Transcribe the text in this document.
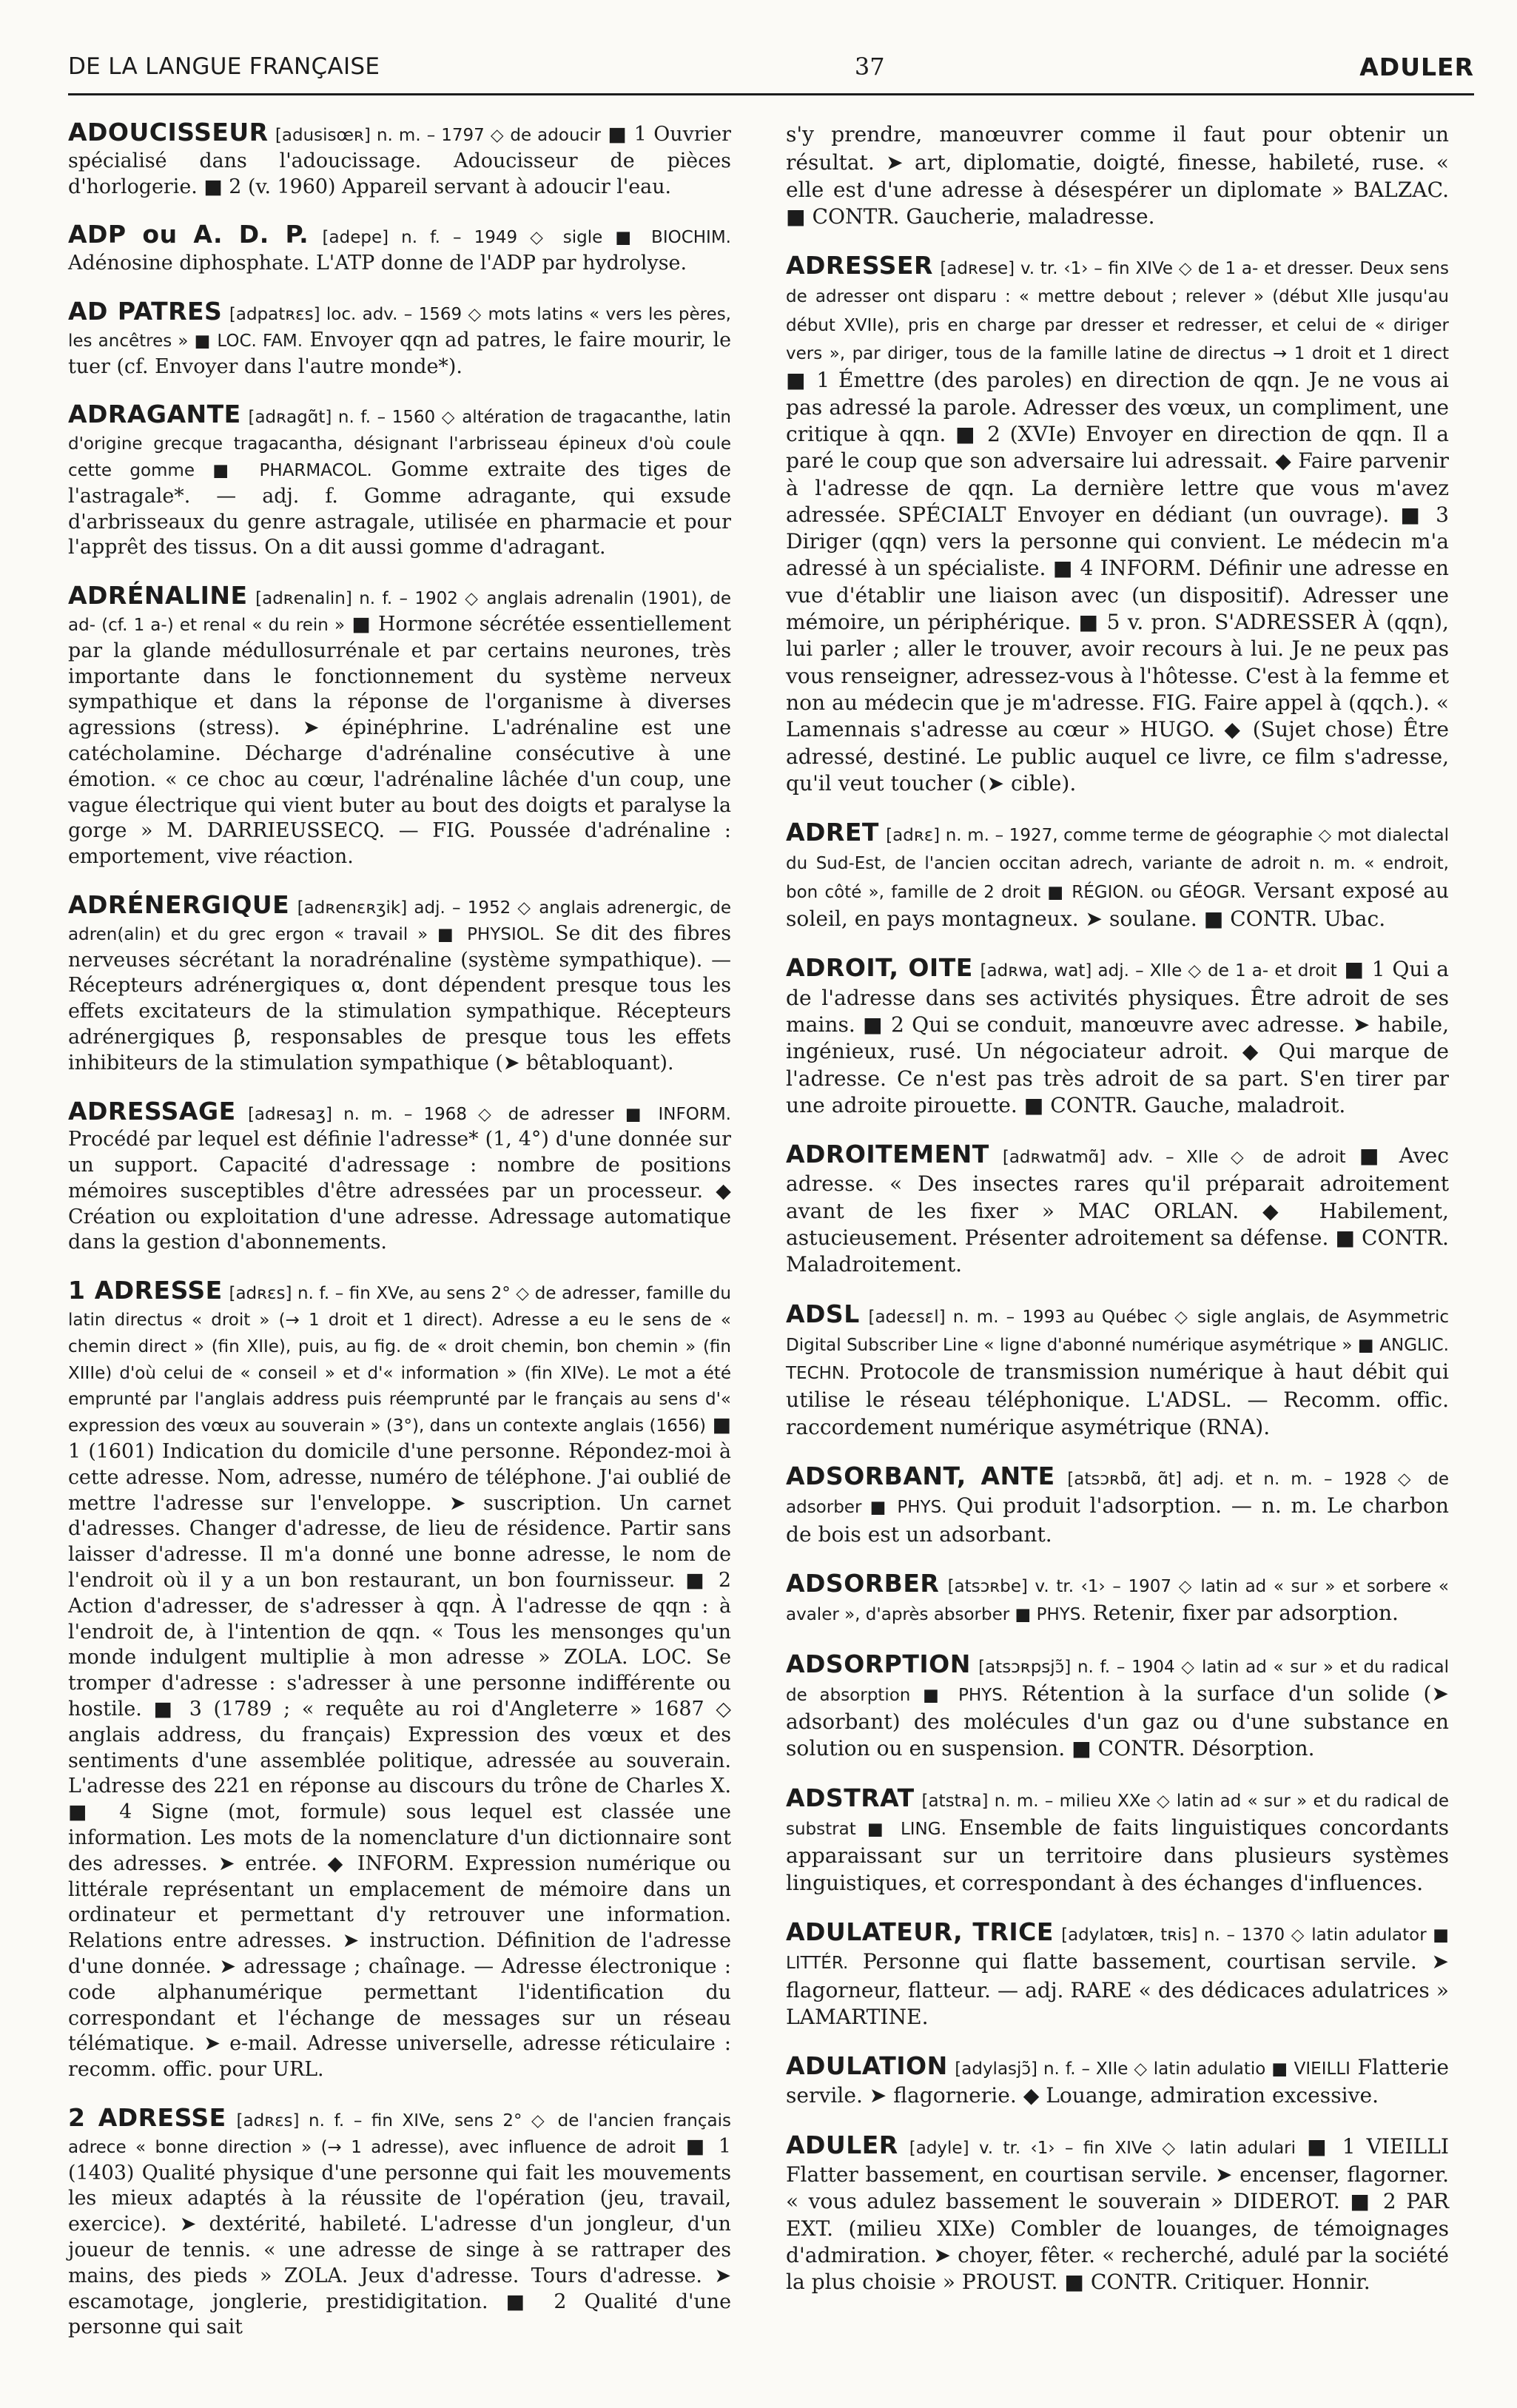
DE LA LANGUE FRANÇAISE	37	ADULER

ADOUCISSEUR [adusisœʀ] n. m. – 1797 ◇ de adoucir ■ 1 Ouvrier spécialisé dans l'adoucissage. Adoucisseur de pièces d'horlogerie. ■ 2 (v. 1960) Appareil servant à adoucir l'eau.

ADP ou A. D. P. [adepe] n. f. – 1949 ◇ sigle ■ BIOCHIM. Adénosine diphosphate. L'ATP donne de l'ADP par hydrolyse.

AD PATRES [adpatʀɛs] loc. adv. – 1569 ◇ mots latins « vers les pères, les ancêtres » ■ LOC. FAM. Envoyer qqn ad patres, le faire mourir, le tuer (cf. Envoyer dans l'autre monde*).

ADRAGANTE [adʀagɑ̃t] n. f. – 1560 ◇ altération de tragacanthe, latin d'origine grecque tragacantha, désignant l'arbrisseau épineux d'où coule cette gomme ■ PHARMACOL. Gomme extraite des tiges de l'astragale*. — adj. f. Gomme adragante, qui exsude d'arbrisseaux du genre astragale, utilisée en pharmacie et pour l'apprêt des tissus. On a dit aussi gomme d'adragant.

ADRÉNALINE [adʀenalin] n. f. – 1902 ◇ anglais adrenalin (1901), de ad- (cf. 1 a-) et renal « du rein » ■ Hormone sécrétée essentiellement par la glande médullosurrénale et par certains neurones, très importante dans le fonctionnement du système nerveux sympathique et dans la réponse de l'organisme à diverses agressions (stress). ➤ épinéphrine. L'adrénaline est une catécholamine. Décharge d'adrénaline consécutive à une émotion. « ce choc au cœur, l'adrénaline lâchée d'un coup, une vague électrique qui vient buter au bout des doigts et paralyse la gorge » M. DARRIEUSSECQ. — FIG. Poussée d'adrénaline : emportement, vive réaction.

ADRÉNERGIQUE [adʀenɛʀʒik] adj. – 1952 ◇ anglais adrenergic, de adren(alin) et du grec ergon « travail » ■ PHYSIOL. Se dit des fibres nerveuses sécrétant la noradrénaline (système sympathique). — Récepteurs adrénergiques α, dont dépendent presque tous les effets excitateurs de la stimulation sympathique. Récepteurs adrénergiques β, responsables de presque tous les effets inhibiteurs de la stimulation sympathique (➤ bêtabloquant).

ADRESSAGE [adʀesaʒ] n. m. – 1968 ◇ de adresser ■ INFORM. Procédé par lequel est définie l'adresse* (1, 4°) d'une donnée sur un support. Capacité d'adressage : nombre de positions mémoires susceptibles d'être adressées par un processeur. ◆ Création ou exploitation d'une adresse. Adressage automatique dans la gestion d'abonnements.

1 ADRESSE [adʀɛs] n. f. – fin XVe, au sens 2° ◇ de adresser, famille du latin directus « droit » (→ 1 droit et 1 direct). Adresse a eu le sens de « chemin direct » (fin XIIe), puis, au fig. de « droit chemin, bon chemin » (fin XIIIe) d'où celui de « conseil » et d'« information » (fin XIVe). Le mot a été emprunté par l'anglais address puis réemprunté par le français au sens d'« expression des vœux au souverain » (3°), dans un contexte anglais (1656) ■ 1 (1601) Indication du domicile d'une personne. Répondez-moi à cette adresse. Nom, adresse, numéro de téléphone. J'ai oublié de mettre l'adresse sur l'enveloppe. ➤ suscription. Un carnet d'adresses. Changer d'adresse, de lieu de résidence. Partir sans laisser d'adresse. Il m'a donné une bonne adresse, le nom de l'endroit où il y a un bon restaurant, un bon fournisseur. ■ 2 Action d'adresser, de s'adresser à qqn. À l'adresse de qqn : à l'endroit de, à l'intention de qqn. « Tous les mensonges qu'un monde indulgent multiplie à mon adresse » ZOLA. LOC. Se tromper d'adresse : s'adresser à une personne indifférente ou hostile. ■ 3 (1789 ; « requête au roi d'Angleterre » 1687 ◇ anglais address, du français) Expression des vœux et des sentiments d'une assemblée politique, adressée au souverain. L'adresse des 221 en réponse au discours du trône de Charles X. ■ 4 Signe (mot, formule) sous lequel est classée une information. Les mots de la nomenclature d'un dictionnaire sont des adresses. ➤ entrée. ◆ INFORM. Expression numérique ou littérale représentant un emplacement de mémoire dans un ordinateur et permettant d'y retrouver une information. Relations entre adresses. ➤ instruction. Définition de l'adresse d'une donnée. ➤ adressage ; chaînage. — Adresse électronique : code alphanumérique permettant l'identification du correspondant et l'échange de messages sur un réseau télématique. ➤ e-mail. Adresse universelle, adresse réticulaire : recomm. offic. pour URL.

2 ADRESSE [adʀɛs] n. f. – fin XIVe, sens 2° ◇ de l'ancien français adrece « bonne direction » (→ 1 adresse), avec influence de adroit ■ 1 (1403) Qualité physique d'une personne qui fait les mouvements les mieux adaptés à la réussite de l'opération (jeu, travail, exercice). ➤ dextérité, habileté. L'adresse d'un jongleur, d'un joueur de tennis. « une adresse de singe à se rattraper des mains, des pieds » ZOLA. Jeux d'adresse. Tours d'adresse. ➤ escamotage, jonglerie, prestidigitation. ■ 2 Qualité d'une personne qui sait

s'y prendre, manœuvrer comme il faut pour obtenir un résultat. ➤ art, diplomatie, doigté, finesse, habileté, ruse. « elle est d'une adresse à désespérer un diplomate » BALZAC. ■ CONTR. Gaucherie, maladresse.

ADRESSER [adʀese] v. tr. ‹1› – fin XIVe ◇ de 1 a- et dresser. Deux sens de adresser ont disparu : « mettre debout ; relever » (début XIIe jusqu'au début XVIIe), pris en charge par dresser et redresser, et celui de « diriger vers », par diriger, tous de la famille latine de directus → 1 droit et 1 direct ■ 1 Émettre (des paroles) en direction de qqn. Je ne vous ai pas adressé la parole. Adresser des vœux, un compliment, une critique à qqn. ■ 2 (XVIe) Envoyer en direction de qqn. Il a paré le coup que son adversaire lui adressait. ◆ Faire parvenir à l'adresse de qqn. La dernière lettre que vous m'avez adressée. SPÉCIALT Envoyer en dédiant (un ouvrage). ■ 3 Diriger (qqn) vers la personne qui convient. Le médecin m'a adressé à un spécialiste. ■ 4 INFORM. Définir une adresse en vue d'établir une liaison avec (un dispositif). Adresser une mémoire, un périphérique. ■ 5 v. pron. S'ADRESSER À (qqn), lui parler ; aller le trouver, avoir recours à lui. Je ne peux pas vous renseigner, adressez-vous à l'hôtesse. C'est à la femme et non au médecin que je m'adresse. FIG. Faire appel à (qqch.). « Lamennais s'adresse au cœur » HUGO. ◆ (Sujet chose) Être adressé, destiné. Le public auquel ce livre, ce film s'adresse, qu'il veut toucher (➤ cible).

ADRET [adʀɛ] n. m. – 1927, comme terme de géographie ◇ mot dialectal du Sud-Est, de l'ancien occitan adrech, variante de adroit n. m. « endroit, bon côté », famille de 2 droit ■ RÉGION. ou GÉOGR. Versant exposé au soleil, en pays montagneux. ➤ soulane. ■ CONTR. Ubac.

ADROIT, OITE [adʀwa, wat] adj. – XIIe ◇ de 1 a- et droit ■ 1 Qui a de l'adresse dans ses activités physiques. Être adroit de ses mains. ■ 2 Qui se conduit, manœuvre avec adresse. ➤ habile, ingénieux, rusé. Un négociateur adroit. ◆ Qui marque de l'adresse. Ce n'est pas très adroit de sa part. S'en tirer par une adroite pirouette. ■ CONTR. Gauche, maladroit.

ADROITEMENT [adʀwatmɑ̃] adv. – XIIe ◇ de adroit ■ Avec adresse. « Des insectes rares qu'il préparait adroitement avant de les fixer » MAC ORLAN. ◆ Habilement, astucieusement. Présenter adroitement sa défense. ■ CONTR. Maladroitement.

ADSL [adeɛsɛl] n. m. – 1993 au Québec ◇ sigle anglais, de Asymmetric Digital Subscriber Line « ligne d'abonné numérique asymétrique » ■ ANGLIC. TECHN. Protocole de transmission numérique à haut débit qui utilise le réseau téléphonique. L'ADSL. — Recomm. offic. raccordement numérique asymétrique (RNA).

ADSORBANT, ANTE [atsɔʀbɑ̃, ɑ̃t] adj. et n. m. – 1928 ◇ de adsorber ■ PHYS. Qui produit l'adsorption. — n. m. Le charbon de bois est un adsorbant.

ADSORBER [atsɔʀbe] v. tr. ‹1› – 1907 ◇ latin ad « sur » et sorbere « avaler », d'après absorber ■ PHYS. Retenir, fixer par adsorption.

ADSORPTION [atsɔʀpsjɔ̃] n. f. – 1904 ◇ latin ad « sur » et du radical de absorption ■ PHYS. Rétention à la surface d'un solide (➤ adsorbant) des molécules d'un gaz ou d'une substance en solution ou en suspension. ■ CONTR. Désorption.

ADSTRAT [atstʀa] n. m. – milieu XXe ◇ latin ad « sur » et du radical de substrat ■ LING. Ensemble de faits linguistiques concordants apparaissant sur un territoire dans plusieurs systèmes linguistiques, et correspondant à des échanges d'influences.

ADULATEUR, TRICE [adylatœʀ, tʀis] n. – 1370 ◇ latin adulator ■ LITTÉR. Personne qui flatte bassement, courtisan servile. ➤ flagorneur, flatteur. — adj. RARE « des dédicaces adulatrices » LAMARTINE.

ADULATION [adylasjɔ̃] n. f. – XIIe ◇ latin adulatio ■ VIEILLI Flatterie servile. ➤ flagornerie. ◆ Louange, admiration excessive.

ADULER [adyle] v. tr. ‹1› – fin XIVe ◇ latin adulari ■ 1 VIEILLI Flatter bassement, en courtisan servile. ➤ encenser, flagorner. « vous adulez bassement le souverain » DIDEROT. ■ 2 PAR EXT. (milieu XIXe) Combler de louanges, de témoignages d'admiration. ➤ choyer, fêter. « recherché, adulé par la société la plus choisie » PROUST. ■ CONTR. Critiquer. Honnir.
